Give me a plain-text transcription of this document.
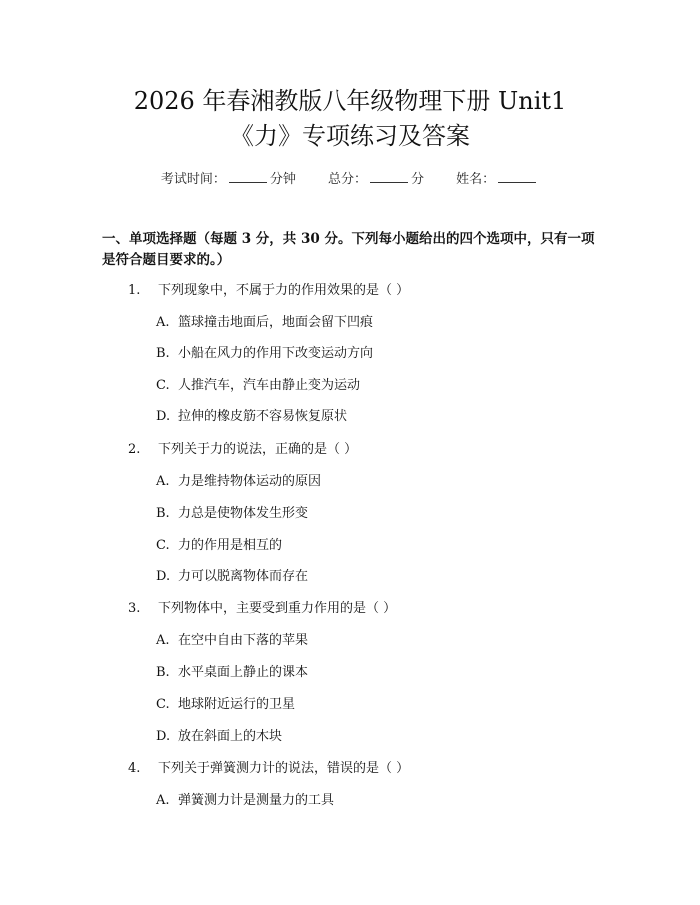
2026 年春湘教版八年级物理下册 Unit1
《力》专项练习及答案
考试时间：	分钟 总分：	分 姓名：
一、单项选择题（每题 3 分，共 30 分。下列每小题给出的四个选项中，只有一项是符合题目要求的。）
1. 下列现象中，不属于力的作用效果的是（ ）
A. 篮球撞击地面后，地面会留下凹痕
B. 小船在风力的作用下改变运动方向
C. 人推汽车，汽车由静止变为运动
D. 拉伸的橡皮筋不容易恢复原状
2. 下列关于力的说法，正确的是（ ）
A. 力是维持物体运动的原因
B. 力总是使物体发生形变
C. 力的作用是相互的
D. 力可以脱离物体而存在
3. 下列物体中，主要受到重力作用的是（ ）
A. 在空中自由下落的苹果
B. 水平桌面上静止的课本
C. 地球附近运行的卫星
D. 放在斜面上的木块
4. 下列关于弹簧测力计的说法，错误的是（ ）
A. 弹簧测力计是测量力的工具
